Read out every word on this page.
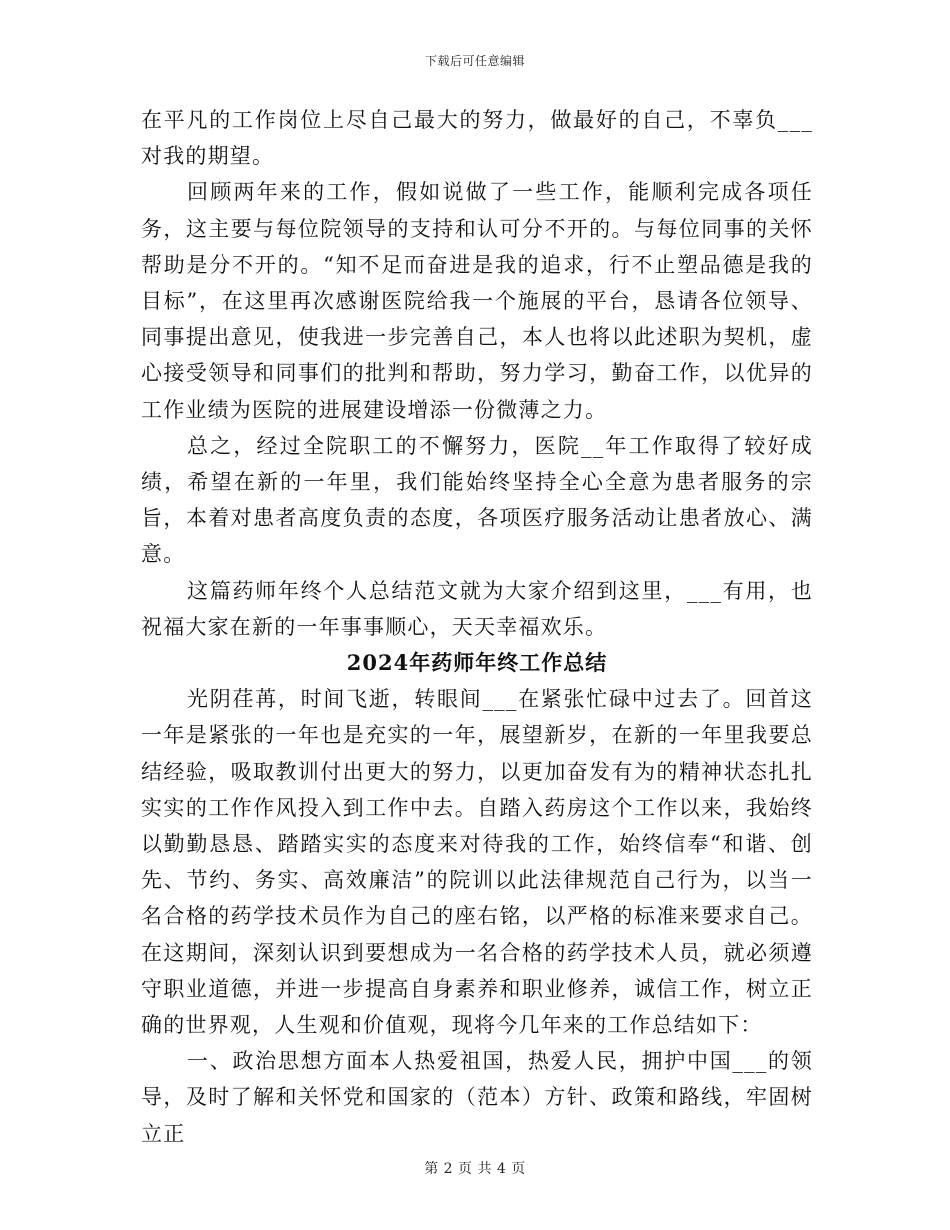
下载后可任意编辑

在平凡的工作岗位上尽自己最大的努力，做最好的自己，不辜负___对我的期望。

回顾两年来的工作，假如说做了一些工作，能顺利完成各项任务，这主要与每位院领导的支持和认可分不开的。与每位同事的关怀帮助是分不开的。“知不足而奋进是我的追求，行不止塑品德是我的目标”，在这里再次感谢医院给我一个施展的平台，恳请各位领导、同事提出意见，使我进一步完善自己，本人也将以此述职为契机，虚心接受领导和同事们的批判和帮助，努力学习，勤奋工作，以优异的工作业绩为医院的进展建设增添一份微薄之力。

总之，经过全院职工的不懈努力，医院__年工作取得了较好成绩，希望在新的一年里，我们能始终坚持全心全意为患者服务的宗旨，本着对患者高度负责的态度，各项医疗服务活动让患者放心、满意。

这篇药师年终个人总结范文就为大家介绍到这里，___有用，也祝福大家在新的一年事事顺心，天天幸福欢乐。

2024年药师年终工作总结

光阴荏苒，时间飞逝，转眼间___在紧张忙碌中过去了。回首这一年是紧张的一年也是充实的一年，展望新岁，在新的一年里我要总结经验，吸取教训付出更大的努力，以更加奋发有为的精神状态扎扎实实的工作作风投入到工作中去。自踏入药房这个工作以来，我始终以勤勤恳恳、踏踏实实的态度来对待我的工作，始终信奉“和谐、创先、节约、务实、高效廉洁”的院训以此法律规范自己行为，以当一名合格的药学技术员作为自己的座右铭，以严格的标准来要求自己。在这期间，深刻认识到要想成为一名合格的药学技术人员，就必须遵守职业道德，并进一步提高自身素养和职业修养，诚信工作，树立正确的世界观，人生观和价值观，现将今几年来的工作总结如下：

一、政治思想方面本人热爱祖国，热爱人民，拥护中国___的领导，及时了解和关怀党和国家的（范本）方针、政策和路线，牢固树立正

第 2 页 共 4 页
